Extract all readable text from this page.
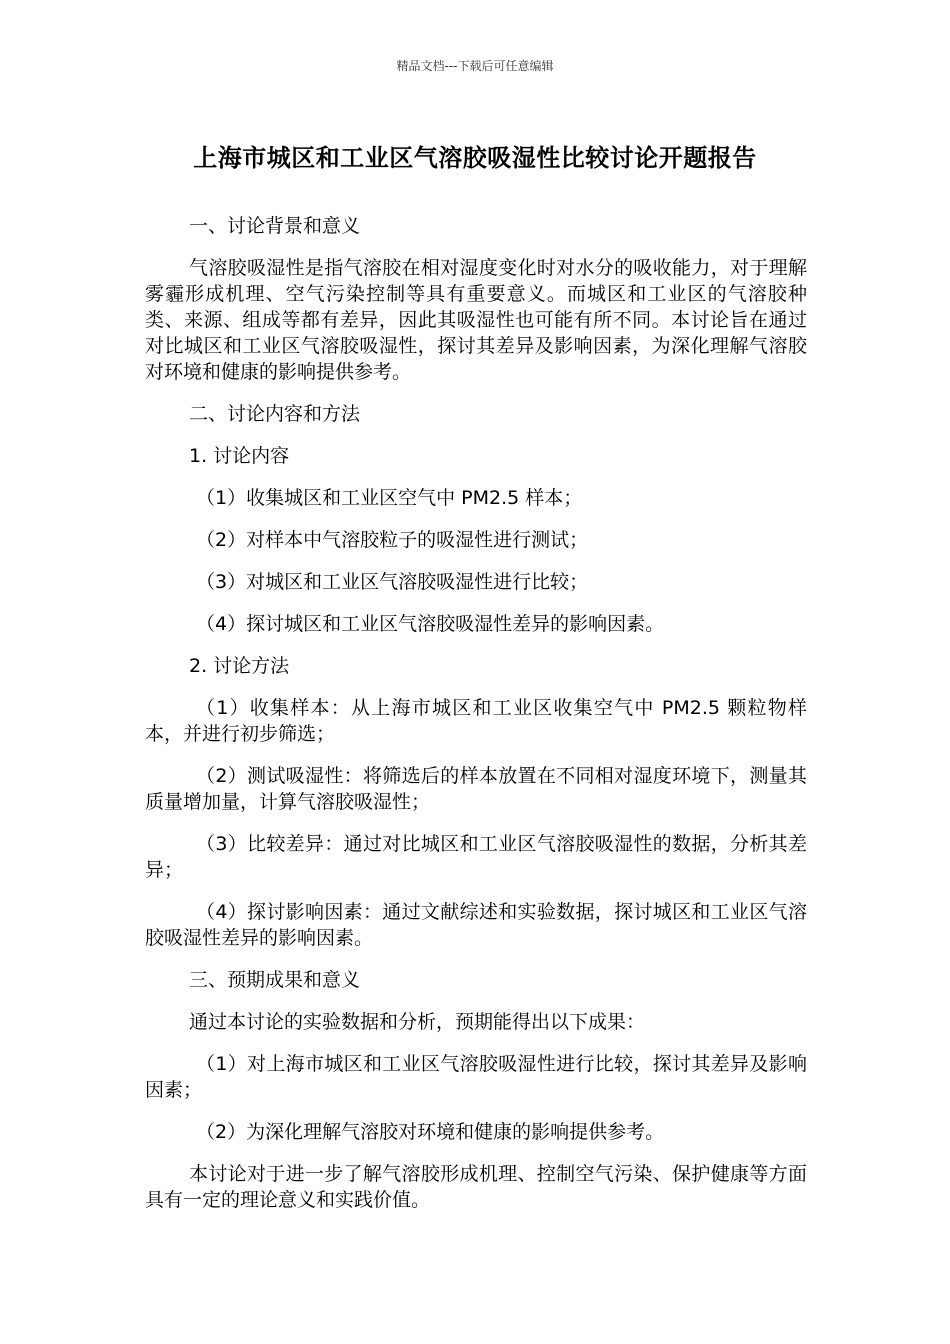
精品文档---下载后可任意编辑
上海市城区和工业区气溶胶吸湿性比较讨论开题报告

一、讨论背景和意义

气溶胶吸湿性是指气溶胶在相对湿度变化时对水分的吸收能力，对于理解雾霾形成机理、空气污染控制等具有重要意义。而城区和工业区的气溶胶种类、来源、组成等都有差异，因此其吸湿性也可能有所不同。本讨论旨在通过对比城区和工业区气溶胶吸湿性，探讨其差异及影响因素，为深化理解气溶胶对环境和健康的影响提供参考。

二、讨论内容和方法

1. 讨论内容

（1）收集城区和工业区空气中 PM2.5 样本；

（2）对样本中气溶胶粒子的吸湿性进行测试；

（3）对城区和工业区气溶胶吸湿性进行比较；

（4）探讨城区和工业区气溶胶吸湿性差异的影响因素。

2. 讨论方法

（1）收集样本：从上海市城区和工业区收集空气中 PM2.5 颗粒物样本，并进行初步筛选；

（2）测试吸湿性：将筛选后的样本放置在不同相对湿度环境下，测量其质量增加量，计算气溶胶吸湿性；

（3）比较差异：通过对比城区和工业区气溶胶吸湿性的数据，分析其差异；

（4）探讨影响因素：通过文献综述和实验数据，探讨城区和工业区气溶胶吸湿性差异的影响因素。

三、预期成果和意义

通过本讨论的实验数据和分析，预期能得出以下成果：

（1）对上海市城区和工业区气溶胶吸湿性进行比较，探讨其差异及影响因素；

（2）为深化理解气溶胶对环境和健康的影响提供参考。

本讨论对于进一步了解气溶胶形成机理、控制空气污染、保护健康等方面具有一定的理论意义和实践价值。
